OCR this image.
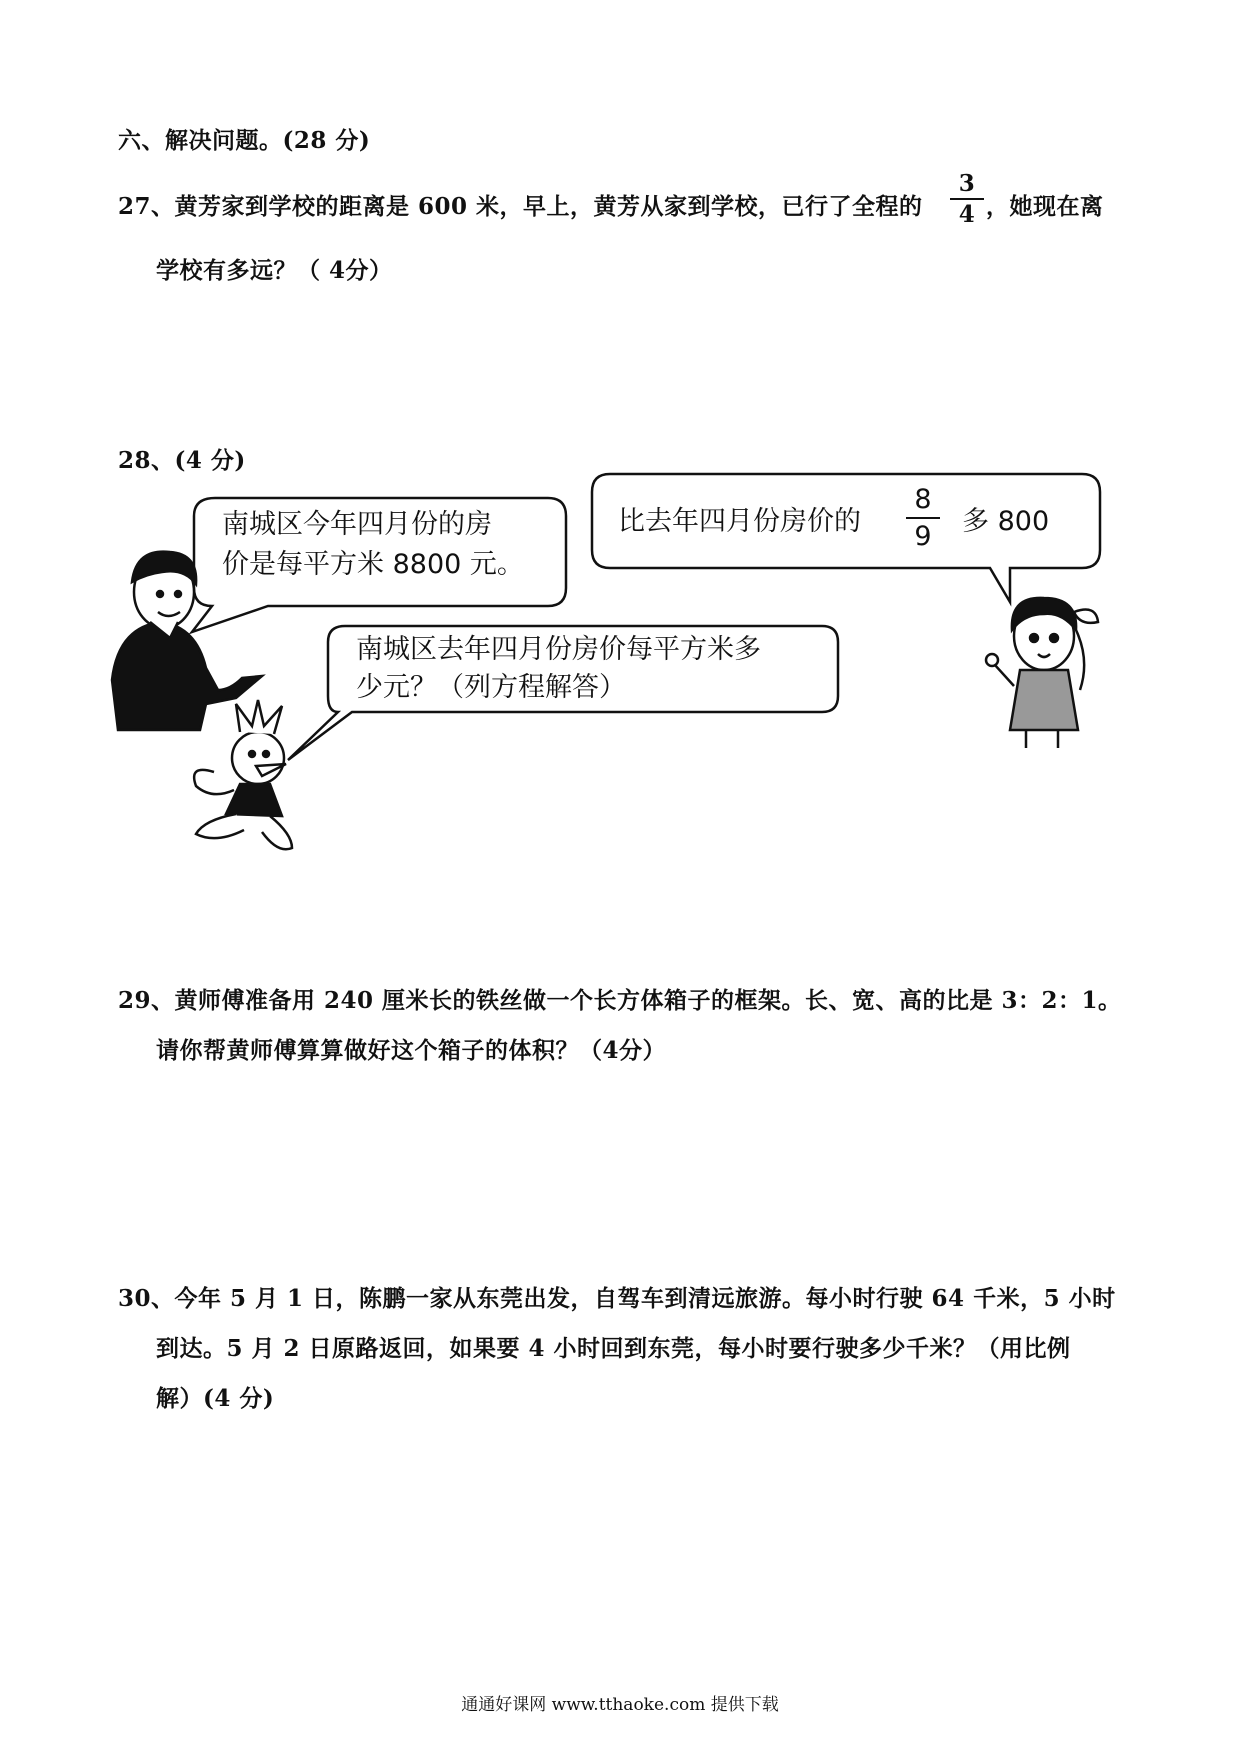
六、解决问题。(28 分)
27、黄芳家到学校的距离是 600 米，早上，黄芳从家到学校，已行了全程的 $\frac{3}{4}$ ，她现在离
学校有多远？（ 4分）
28、(4 分)
南城区今年四月份的房
价是每平方米 8800 元。
比去年四月份房价的 $\frac{8}{9}$ 多 800
南城区去年四月份房价每平方米多
少元？（列方程解答）
29、黄师傅准备用 240 厘米长的铁丝做一个长方体箱子的框架。长、宽、高的比是 3：2：1。
请你帮黄师傅算算做好这个箱子的体积？（4分）
30、今年 5 月 1 日，陈鹏一家从东莞出发，自驾车到清远旅游。每小时行驶 64 千米，5 小时
到达。5 月 2 日原路返回，如果要 4 小时回到东莞，每小时要行驶多少千米？（用比例
解）(4 分)
通通好课网 www.tthaoke.com 提供下载
